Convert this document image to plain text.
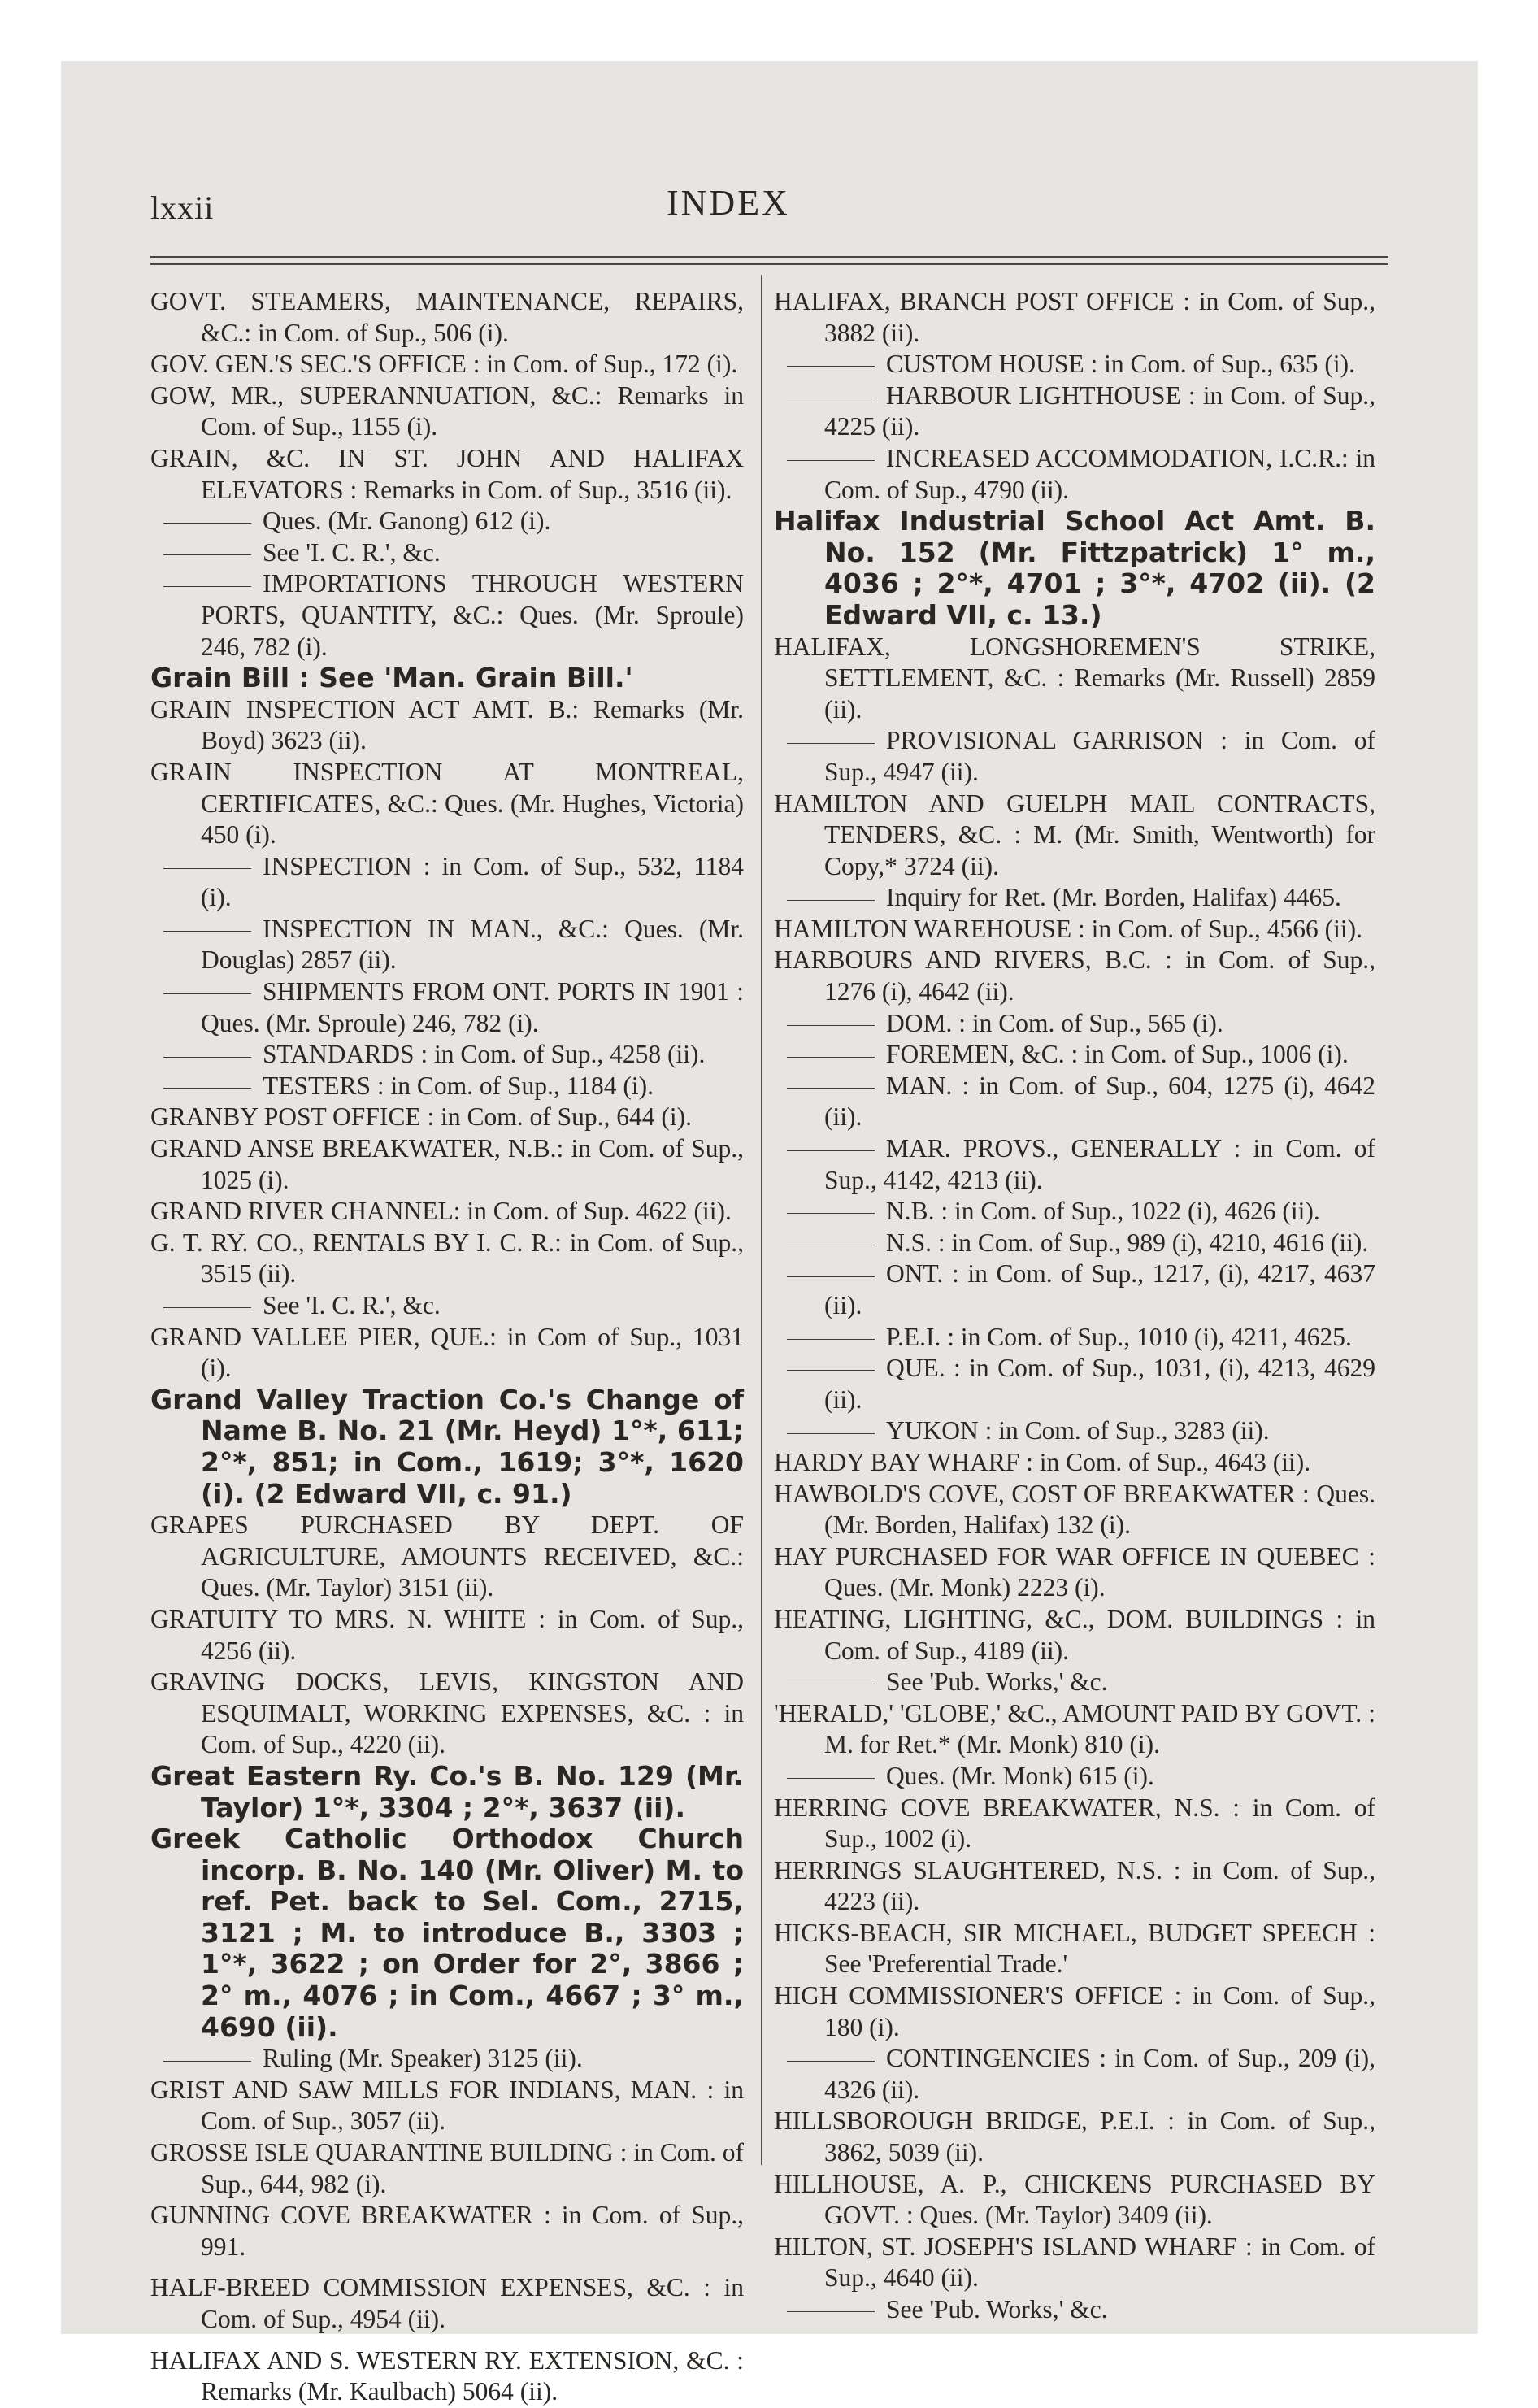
lxxii	INDEX
GOVT. STEAMERS, MAINTENANCE, REPAIRS, &C.: in Com. of Sup., 506 (i).
GOV. GEN.'S SEC.'S OFFICE : in Com. of Sup., 172 (i).
GOW, MR., SUPERANNUATION, &C.: Remarks in Com. of Sup., 1155 (i).
GRAIN, &C. IN ST. JOHN AND HALIFAX ELEVATORS : Remarks in Com. of Sup., 3516 (ii).
Ques. (Mr. Ganong) 612 (i).
See 'I. C. R.', &c.
IMPORTATIONS THROUGH WESTERN PORTS, QUANTITY, &C.: Ques. (Mr. Sproule) 246, 782 (i).
Grain Bill : See 'Man. Grain Bill.'
GRAIN INSPECTION ACT AMT. B.: Remarks (Mr. Boyd) 3623 (ii).
GRAIN INSPECTION AT MONTREAL, CERTIFICATES, &C.: Ques. (Mr. Hughes, Victoria) 450 (i).
INSPECTION : in Com. of Sup., 532, 1184 (i).
INSPECTION IN MAN., &C.: Ques. (Mr. Douglas) 2857 (ii).
SHIPMENTS FROM ONT. PORTS IN 1901 : Ques. (Mr. Sproule) 246, 782 (i).
STANDARDS : in Com. of Sup., 4258 (ii).
TESTERS : in Com. of Sup., 1184 (i).
GRANBY POST OFFICE : in Com. of Sup., 644 (i).
GRAND ANSE BREAKWATER, N.B.: in Com. of Sup., 1025 (i).
GRAND RIVER CHANNEL: in Com. of Sup. 4622 (ii).
G. T. RY. CO., RENTALS BY I. C. R.: in Com. of Sup., 3515 (ii).
See 'I. C. R.', &c.
GRAND VALLEE PIER, QUE.: in Com of Sup., 1031 (i).
Grand Valley Traction Co.'s Change of Name B. No. 21 (Mr. Heyd) 1°*, 611; 2°*, 851; in Com., 1619; 3°*, 1620 (i). (2 Edward VII, c. 91.)
GRAPES PURCHASED BY DEPT. OF AGRICULTURE, AMOUNTS RECEIVED, &C.: Ques. (Mr. Taylor) 3151 (ii).
GRATUITY TO MRS. N. WHITE : in Com. of Sup., 4256 (ii).
GRAVING DOCKS, LEVIS, KINGSTON AND ESQUIMALT, WORKING EXPENSES, &C. : in Com. of Sup., 4220 (ii).
Great Eastern Ry. Co.'s B. No. 129 (Mr. Taylor) 1°*, 3304 ; 2°*, 3637 (ii).
Greek Catholic Orthodox Church incorp. B. No. 140 (Mr. Oliver) M. to ref. Pet. back to Sel. Com., 2715, 3121 ; M. to introduce B., 3303 ; 1°*, 3622 ; on Order for 2°, 3866 ; 2° m., 4076 ; in Com., 4667 ; 3° m., 4690 (ii).
Ruling (Mr. Speaker) 3125 (ii).
GRIST AND SAW MILLS FOR INDIANS, MAN. : in Com. of Sup., 3057 (ii).
GROSSE ISLE QUARANTINE BUILDING : in Com. of Sup., 644, 982 (i).
GUNNING COVE BREAKWATER : in Com. of Sup., 991.
HALF-BREED COMMISSION EXPENSES, &C. : in Com. of Sup., 4954 (ii).
HALIFAX AND S. WESTERN RY. EXTENSION, &C. : Remarks (Mr. Kaulbach) 5064 (ii).
HALIFAX, BRANCH POST OFFICE : in Com. of Sup., 3882 (ii).
CUSTOM HOUSE : in Com. of Sup., 635 (i).
HARBOUR LIGHTHOUSE : in Com. of Sup., 4225 (ii).
INCREASED ACCOMMODATION, I.C.R.: in Com. of Sup., 4790 (ii).
Halifax Industrial School Act Amt. B. No. 152 (Mr. Fittzpatrick) 1° m., 4036 ; 2°*, 4701 ; 3°*, 4702 (ii). (2 Edward VII, c. 13.)
HALIFAX, LONGSHOREMEN'S STRIKE, SETTLEMENT, &C. : Remarks (Mr. Russell) 2859 (ii).
PROVISIONAL GARRISON : in Com. of Sup., 4947 (ii).
HAMILTON AND GUELPH MAIL CONTRACTS, TENDERS, &C. : M. (Mr. Smith, Wentworth) for Copy,* 3724 (ii).
Inquiry for Ret. (Mr. Borden, Halifax) 4465.
HAMILTON WAREHOUSE : in Com. of Sup., 4566 (ii).
HARBOURS AND RIVERS, B.C. : in Com. of Sup., 1276 (i), 4642 (ii).
DOM. : in Com. of Sup., 565 (i).
FOREMEN, &C. : in Com. of Sup., 1006 (i).
MAN. : in Com. of Sup., 604, 1275 (i), 4642 (ii).
MAR. PROVS., GENERALLY : in Com. of Sup., 4142, 4213 (ii).
N.B. : in Com. of Sup., 1022 (i), 4626 (ii).
N.S. : in Com. of Sup., 989 (i), 4210, 4616 (ii).
ONT. : in Com. of Sup., 1217, (i), 4217, 4637 (ii).
P.E.I. : in Com. of Sup., 1010 (i), 4211, 4625.
QUE. : in Com. of Sup., 1031, (i), 4213, 4629 (ii).
YUKON : in Com. of Sup., 3283 (ii).
HARDY BAY WHARF : in Com. of Sup., 4643 (ii).
HAWBOLD'S COVE, COST OF BREAKWATER : Ques. (Mr. Borden, Halifax) 132 (i).
HAY PURCHASED FOR WAR OFFICE IN QUEBEC : Ques. (Mr. Monk) 2223 (i).
HEATING, LIGHTING, &C., DOM. BUILDINGS : in Com. of Sup., 4189 (ii).
See 'Pub. Works,' &c.
'HERALD,' 'GLOBE,' &C., AMOUNT PAID BY GOVT. : M. for Ret.* (Mr. Monk) 810 (i).
Ques. (Mr. Monk) 615 (i).
HERRING COVE BREAKWATER, N.S. : in Com. of Sup., 1002 (i).
HERRINGS SLAUGHTERED, N.S. : in Com. of Sup., 4223 (ii).
HICKS-BEACH, SIR MICHAEL, BUDGET SPEECH : See 'Preferential Trade.'
HIGH COMMISSIONER'S OFFICE : in Com. of Sup., 180 (i).
CONTINGENCIES : in Com. of Sup., 209 (i), 4326 (ii).
HILLSBOROUGH BRIDGE, P.E.I. : in Com. of Sup., 3862, 5039 (ii).
HILLHOUSE, A. P., CHICKENS PURCHASED BY GOVT. : Ques. (Mr. Taylor) 3409 (ii).
HILTON, ST. JOSEPH'S ISLAND WHARF : in Com. of Sup., 4640 (ii).
See 'Pub. Works,' &c.
